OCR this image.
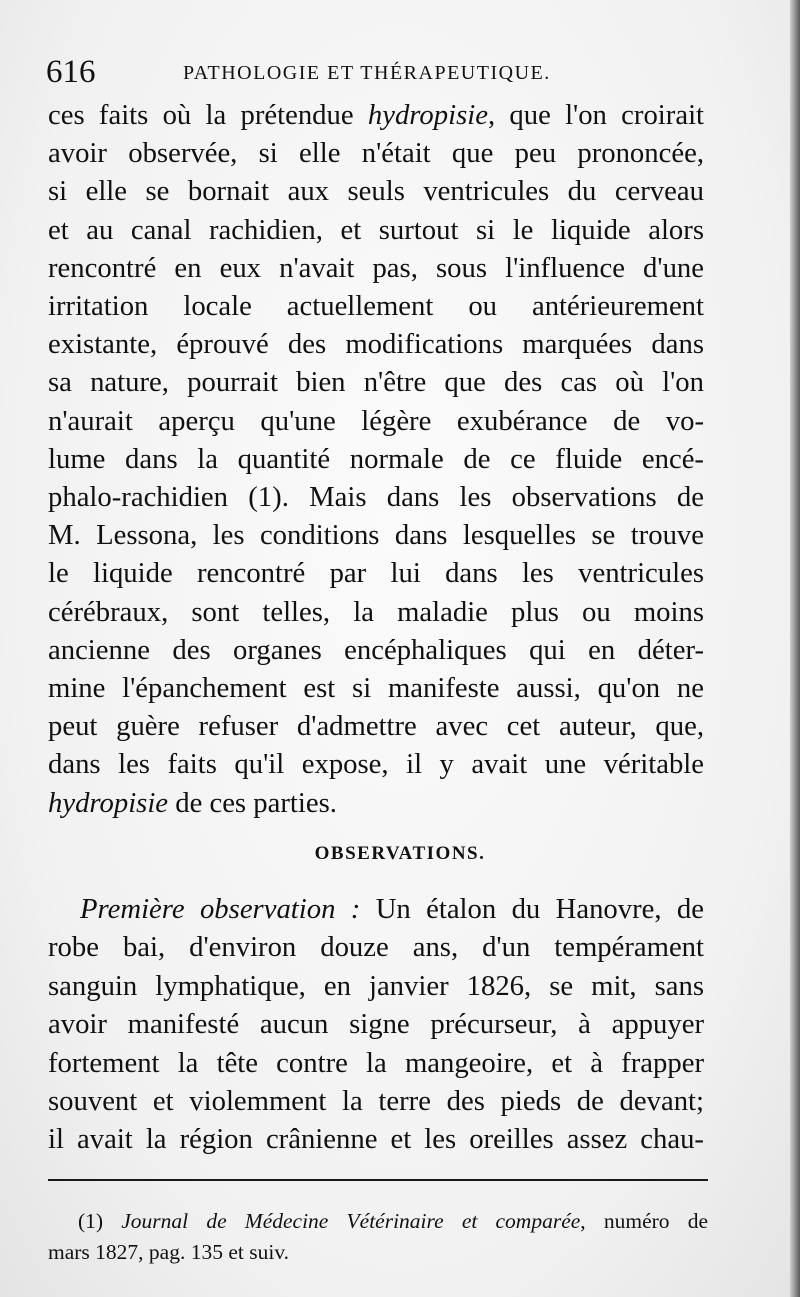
616	PATHOLOGIE ET THÉRAPEUTIQUE.
ces faits où la prétendue hydropisie, que l'on croirait
avoir observée, si elle n'était que peu prononcée,
si elle se bornait aux seuls ventricules du cerveau
et au canal rachidien, et surtout si le liquide alors
rencontré en eux n'avait pas, sous l'influence d'une
irritation locale actuellement ou antérieurement
existante, éprouvé des modifications marquées dans
sa nature, pourrait bien n'être que des cas où l'on
n'aurait aperçu qu'une légère exubérance de vo-
lume dans la quantité normale de ce fluide encé-
phalo-rachidien (1). Mais dans les observations de
M. Lessona, les conditions dans lesquelles se trouve
le liquide rencontré par lui dans les ventricules
cérébraux, sont telles, la maladie plus ou moins
ancienne des organes encéphaliques qui en déter-
mine l'épanchement est si manifeste aussi, qu'on ne
peut guère refuser d'admettre avec cet auteur, que,
dans les faits qu'il expose, il y avait une véritable
hydropisie de ces parties.
OBSERVATIONS.
Première observation : Un étalon du Hanovre, de
robe bai, d'environ douze ans, d'un tempérament
sanguin lymphatique, en janvier 1826, se mit, sans
avoir manifesté aucun signe précurseur, à appuyer
fortement la tête contre la mangeoire, et à frapper
souvent et violemment la terre des pieds de devant;
il avait la région crânienne et les oreilles assez chau-
(1) Journal de Médecine Vétérinaire et comparée, numéro de
mars 1827, pag. 135 et suiv.
